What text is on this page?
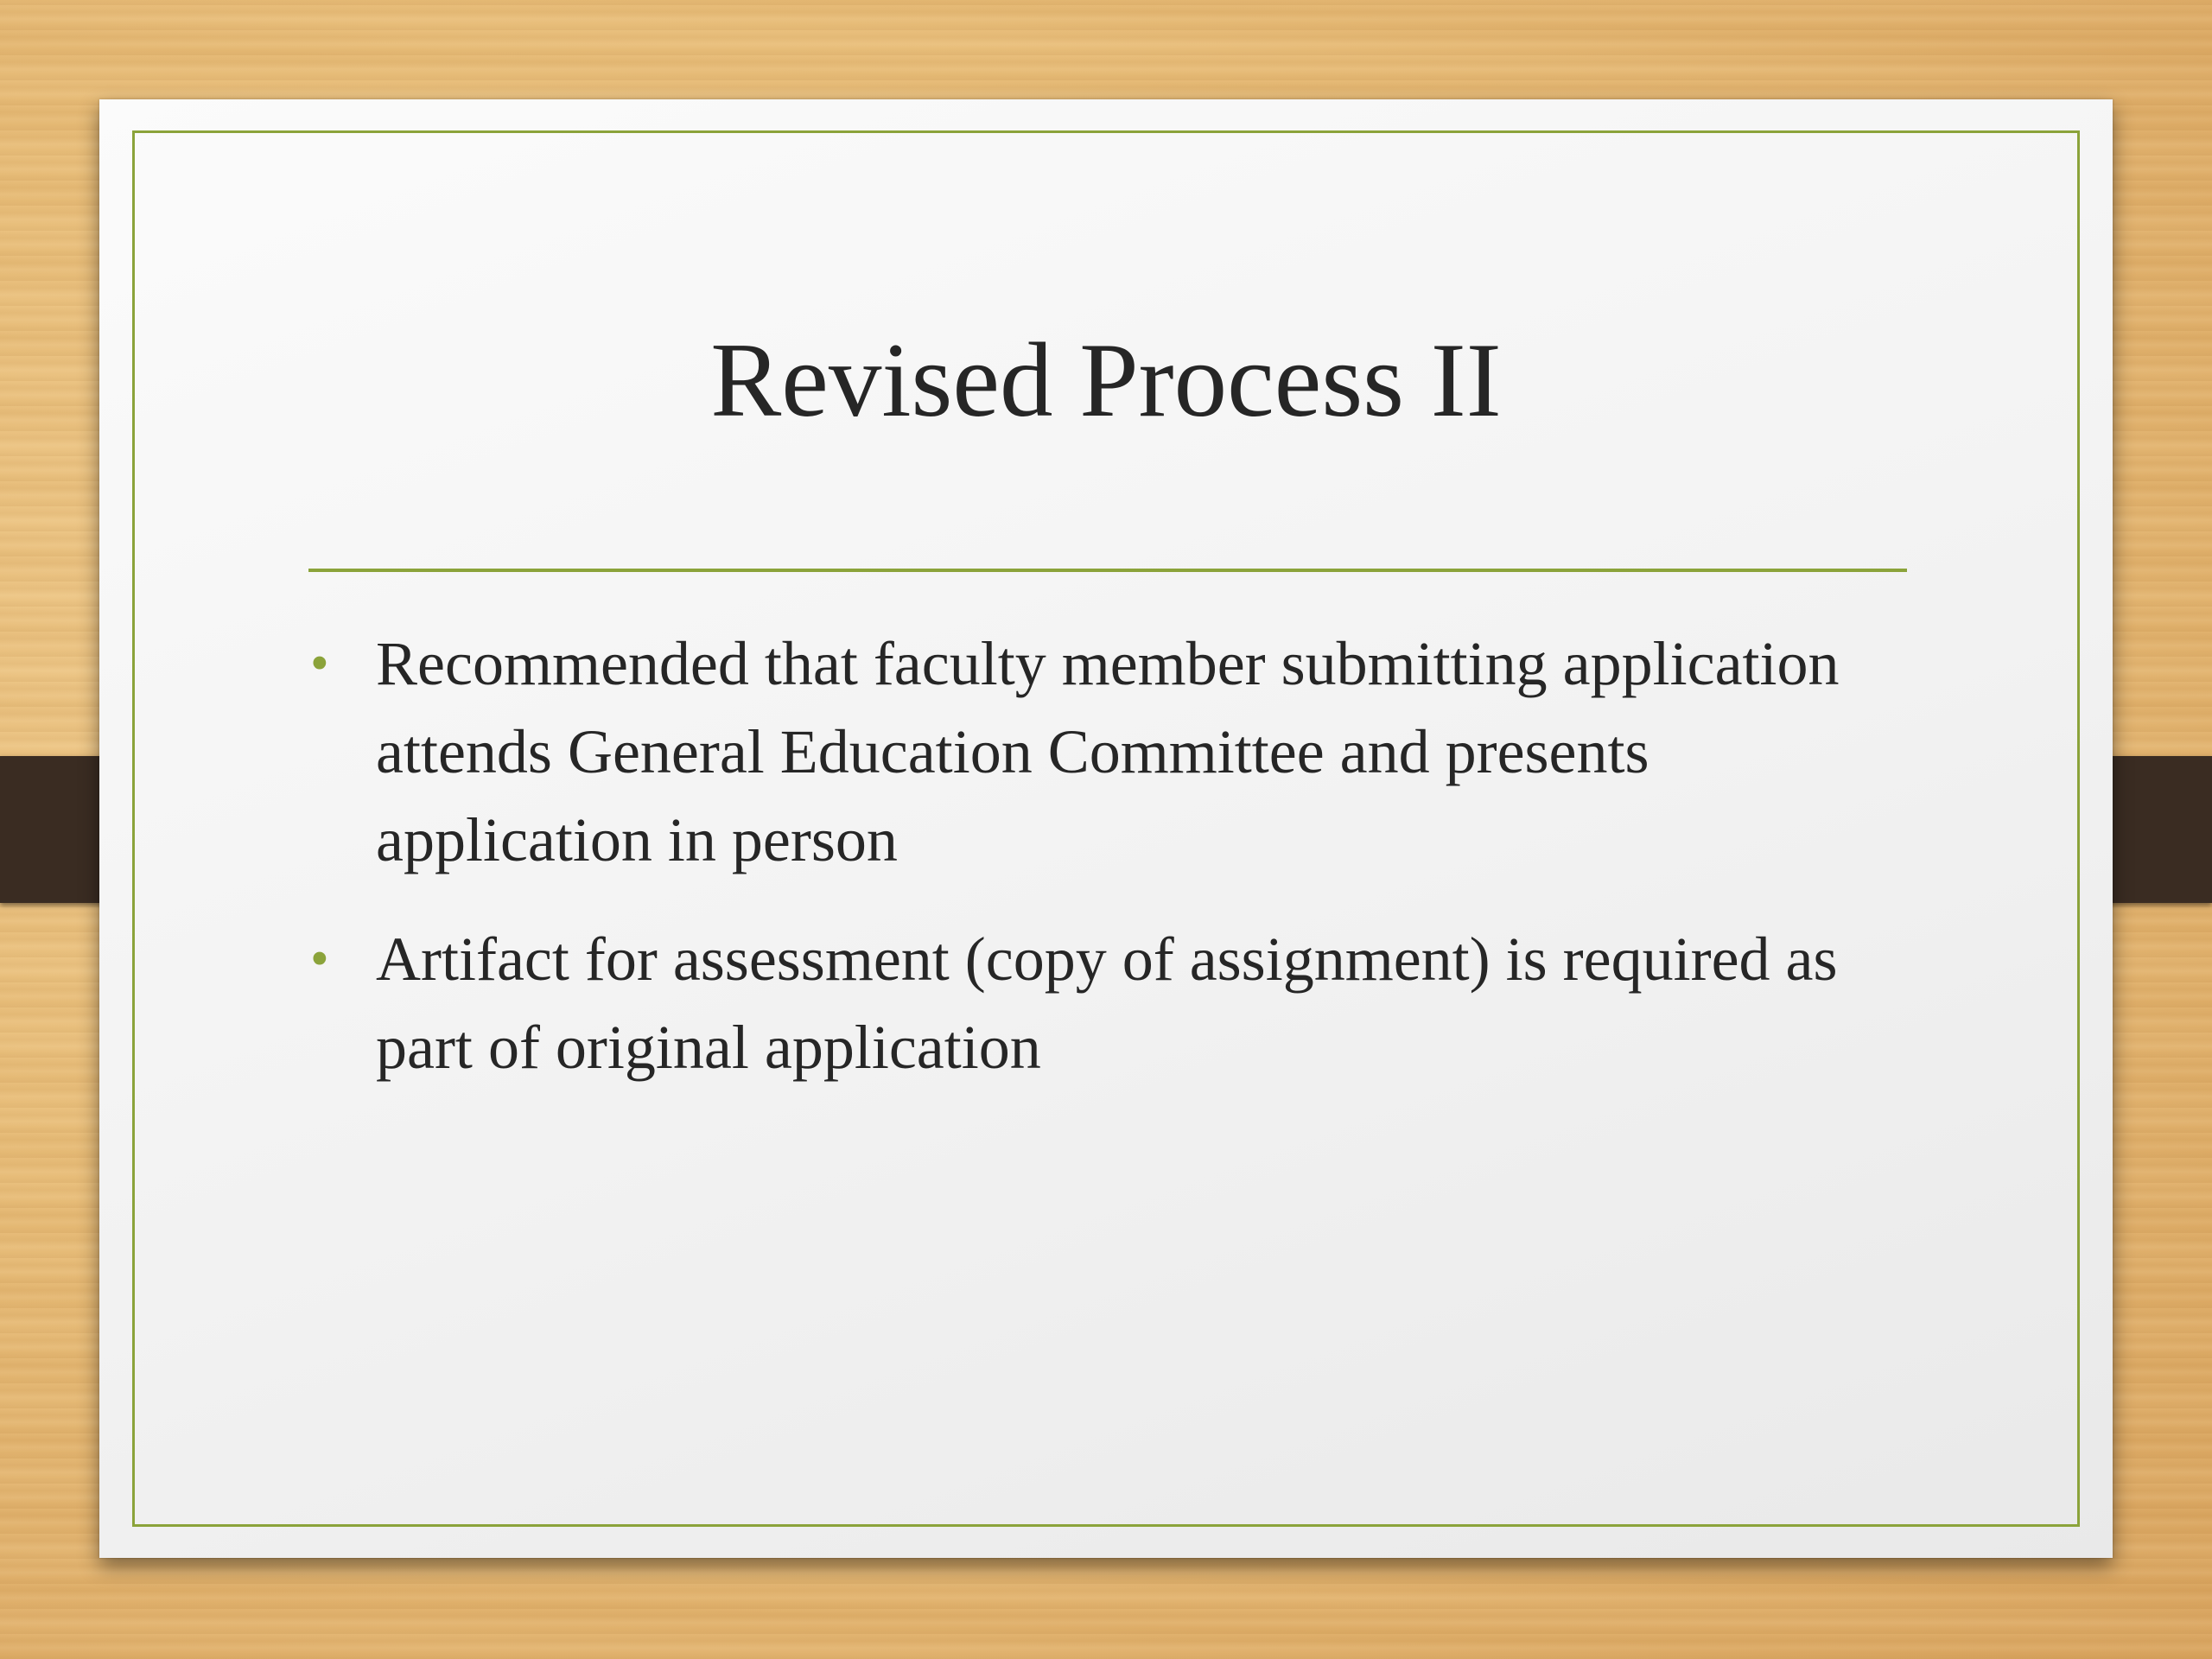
Revised Process II
• Recommended that faculty member submitting application attends General Education Committee and presents application in person
• Artifact for assessment (copy of assignment) is required as part of original application
